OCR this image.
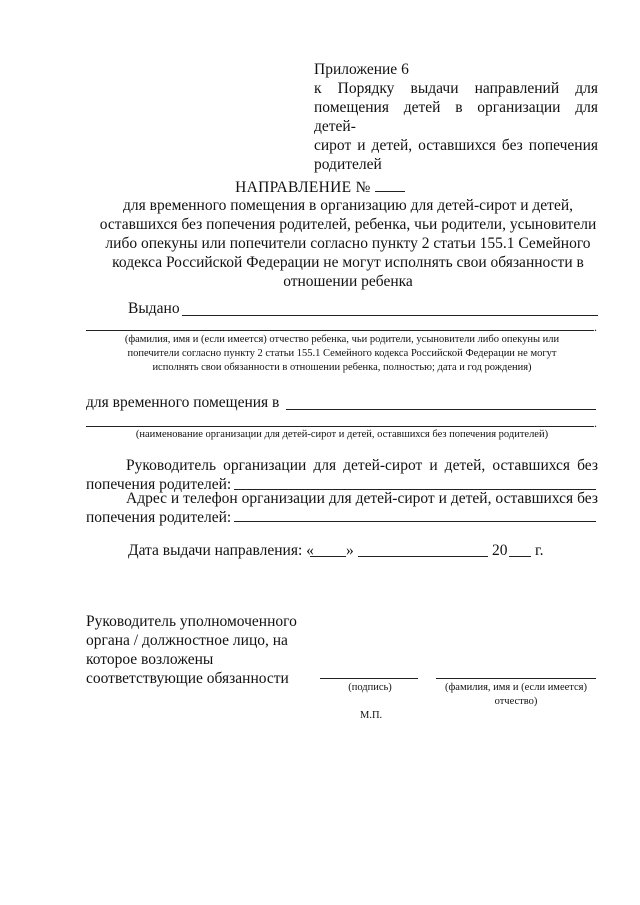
Приложение 6
к Порядку выдачи направлений для
помещения детей в организации для детей-
сирот и детей, оставшихся без попечения
родителей
НАПРАВЛЕНИЕ №
для временного помещения в организацию для детей-сирот и детей,
оставшихся без попечения родителей, ребенка, чьи родители, усыновители
либо опекуны или попечители согласно пункту 2 статьи 155.1 Семейного
кодекса Российской Федерации не могут исполнять свои обязанности в
отношении ребенка
Выдано
.
(фамилия, имя и (если имеется) отчество ребенка, чьи родители, усыновители либо опекуны или
попечители согласно пункту 2 статьи 155.1 Семейного кодекса Российской Федерации не могут
исполнять свои обязанности в отношении ребенка, полностью; дата и год рождения)
для временного помещения в
.
(наименование организации для детей-сирот и детей, оставшихся без попечения родителей)
Руководитель организации для детей-сирот и детей, оставшихся без
попечения родителей:
Адрес и телефон организации для детей-сирот и детей, оставшихся без
попечения родителей:
Дата выдачи направления: « »	20 г.
Руководитель уполномоченного
органа / должностное лицо, на
которое возложены
соответствующие обязанности
(подпись)	(фамилия, имя и (если имеется)
отчество)
М.П.
